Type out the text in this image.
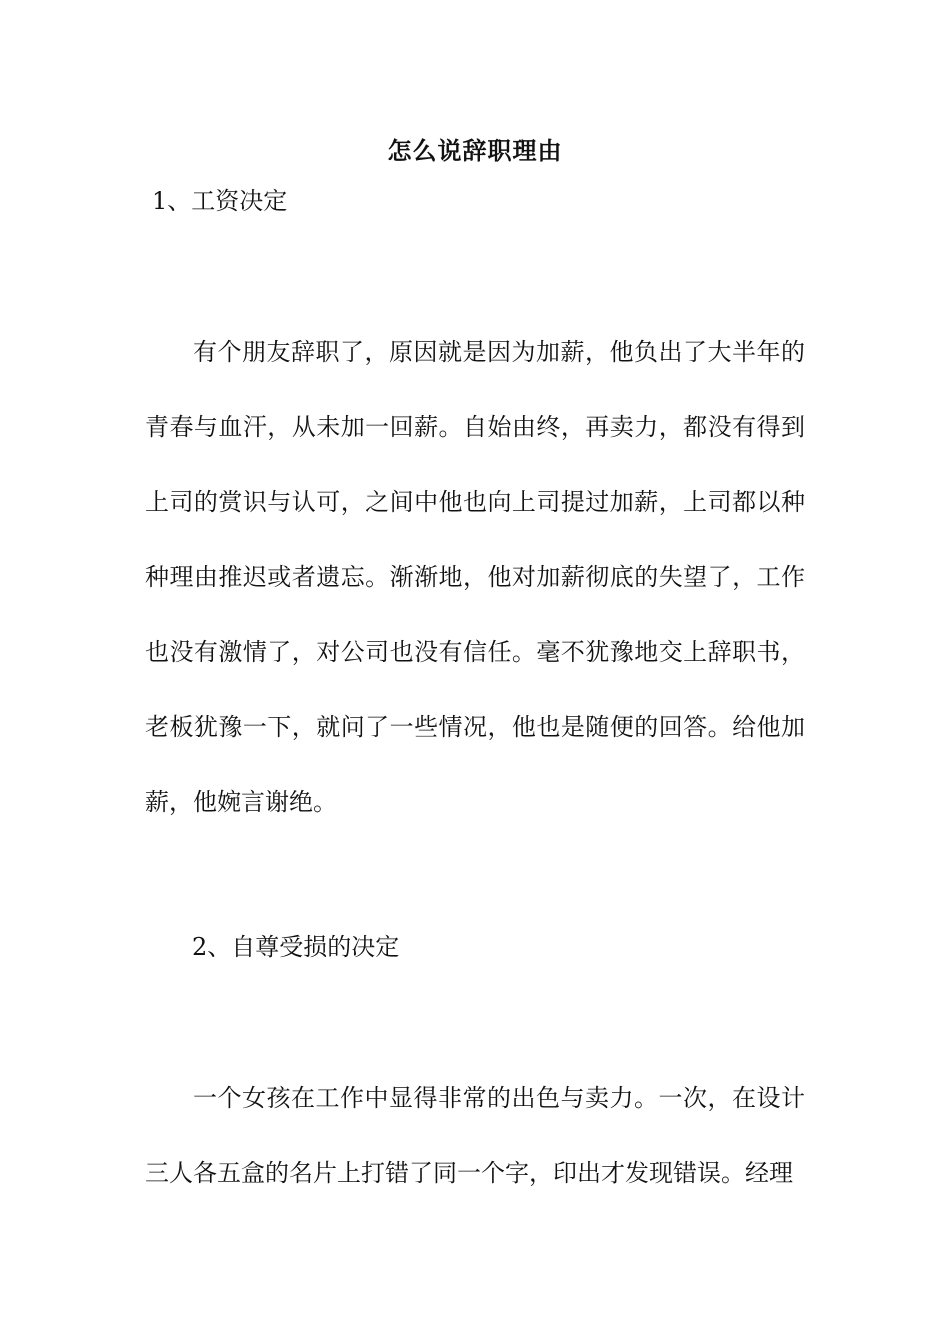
怎么说辞职理由
1、工资决定

有个朋友辞职了，原因就是因为加薪，他负出了大半年的青春与血汗，从未加一回薪。自始由终，再卖力，都没有得到上司的赏识与认可，之间中他也向上司提过加薪，上司都以种种理由推迟或者遗忘。渐渐地，他对加薪彻底的失望了，工作也没有激情了，对公司也没有信任。毫不犹豫地交上辞职书，老板犹豫一下，就问了一些情况，他也是随便的回答。给他加薪，他婉言谢绝。

2、自尊受损的决定

一个女孩在工作中显得非常的出色与卖力。一次，在设计三人各五盒的名片上打错了同一个字，印出才发现错误。经理
